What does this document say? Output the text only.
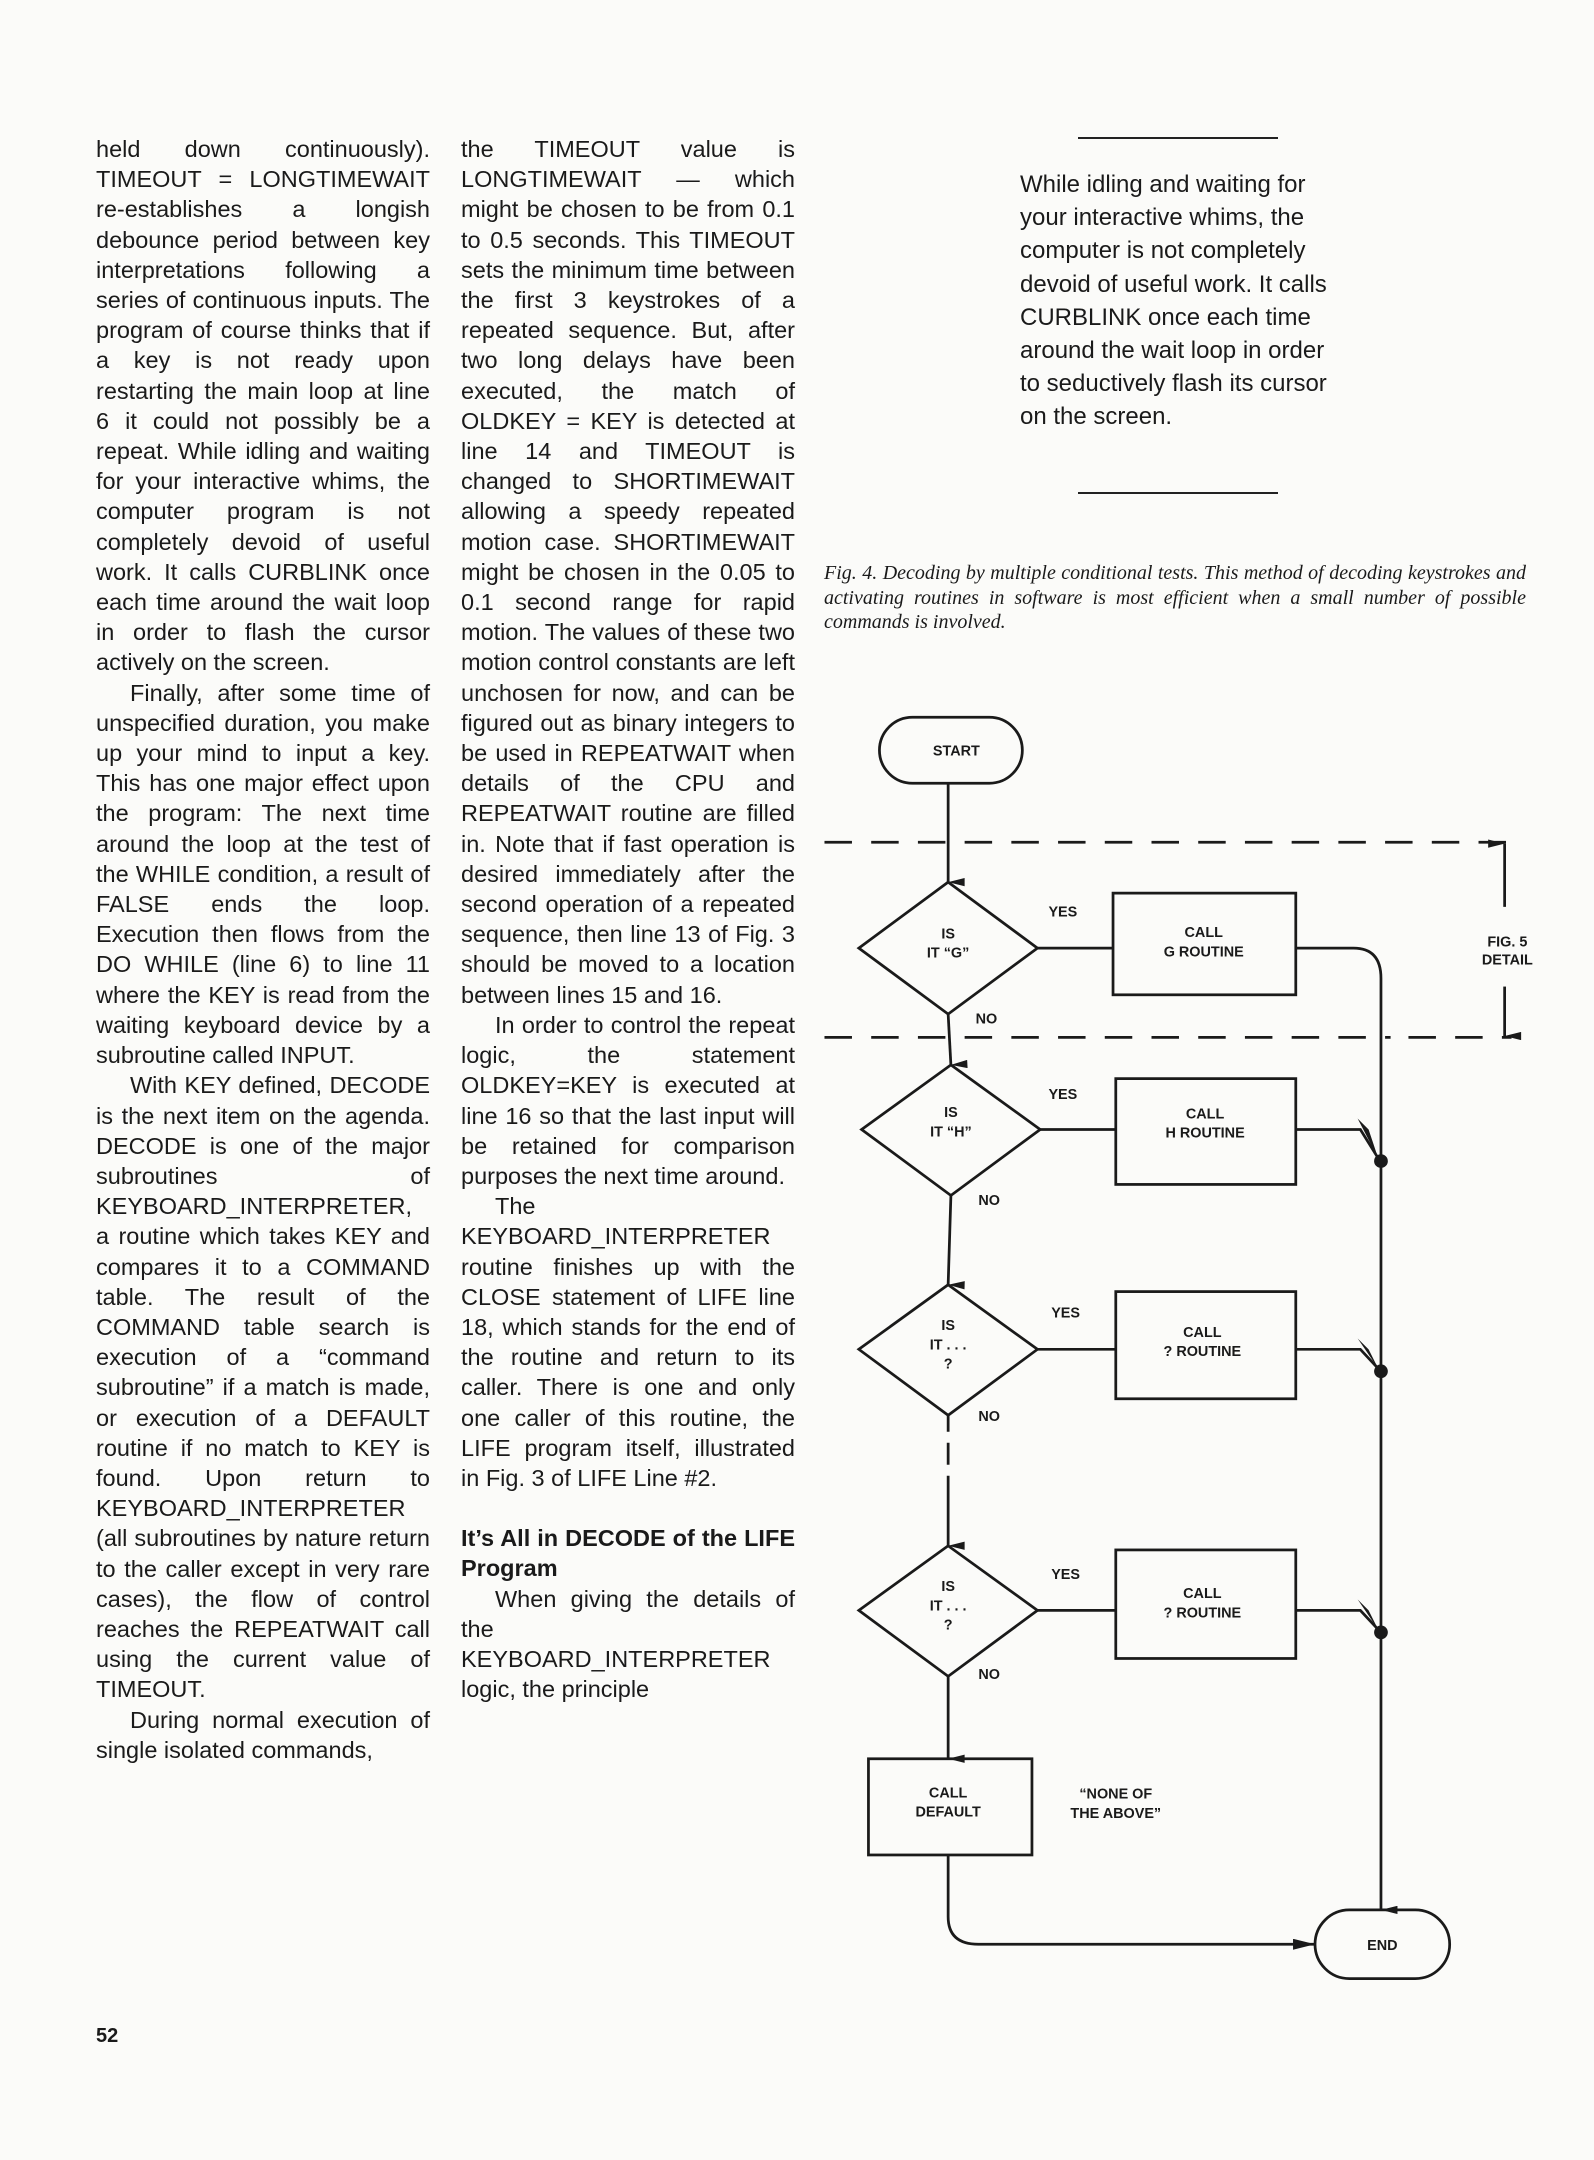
held down continuously). TIMEOUT = LONGTIMEWAIT re-establishes a longish debounce period between key interpretations following a series of continuous inputs. The program of course thinks that if a key is not ready upon restarting the main loop at line 6 it could not possibly be a repeat. While idling and waiting for your interactive whims, the computer program is not completely devoid of useful work. It calls CURBLINK once each time around the wait loop in order to flash the cursor actively on the screen.

Finally, after some time of unspecified duration, you make up your mind to input a key. This has one major effect upon the program: The next time around the loop at the test of the WHILE condition, a result of FALSE ends the loop. Execution then flows from the DO WHILE (line 6) to line 11 where the KEY is read from the waiting keyboard device by a subroutine called INPUT.

With KEY defined, DECODE is the next item on the agenda. DECODE is one of the major subroutines of KEYBOARD_INTERPRETER, a routine which takes KEY and compares it to a COMMAND table. The result of the COMMAND table search is execution of a “command subroutine” if a match is made, or execution of a DEFAULT routine if no match to KEY is found. Upon return to KEYBOARD_INTERPRETER (all subroutines by nature return to the caller except in very rare cases), the flow of control reaches the REPEATWAIT call using the current value of TIMEOUT.

During normal execution of single isolated commands,

the TIMEOUT value is LONGTIMEWAIT — which might be chosen to be from 0.1 to 0.5 seconds. This TIMEOUT sets the minimum time between the first 3 keystrokes of a repeated sequence. But, after two long delays have been executed, the match of OLDKEY = KEY is detected at line 14 and TIMEOUT is changed to SHORTIMEWAIT allowing a speedy repeated motion case. SHORTIMEWAIT might be chosen in the 0.05 to 0.1 second range for rapid motion. The values of these two motion control constants are left unchosen for now, and can be figured out as binary integers to be used in REPEATWAIT when details of the CPU and REPEATWAIT routine are filled in. Note that if fast operation is desired immediately after the second operation of a repeated sequence, then line 13 of Fig. 3 should be moved to a location between lines 15 and 16.

In order to control the repeat logic, the statement OLDKEY=KEY is executed at line 16 so that the last input will be retained for comparison purposes the next time around.

The KEYBOARD_INTERPRETER routine finishes up with the CLOSE statement of LIFE line 18, which stands for the end of the routine and return to its caller. There is one and only one caller of this routine, the LIFE program itself, illustrated in Fig. 3 of LIFE Line #2.

It’s All in DECODE of the LIFE Program

When giving the details of the KEYBOARD_INTERPRETER logic, the principle

While idling and waiting for your interactive whims, the computer is not completely devoid of useful work. It calls CURBLINK once each time around the wait loop in order to seductively flash its cursor on the screen.
Fig. 4. Decoding by multiple conditional tests. This method of decoding keystrokes and activating routines in software is most efficient when a small number of possible commands is involved.
START
END
IS
IT “G”
IS
IT “H”
IS
IT . . .
?
IS
IT . . .
?
CALL
G ROUTINE
CALL
H ROUTINE
CALL
? ROUTINE
CALL
? ROUTINE
CALL
DEFAULT
“NONE OF
THE ABOVE”
FIG. 5
DETAIL
YES
YES
YES
YES
NO
NO
NO
NO
52
